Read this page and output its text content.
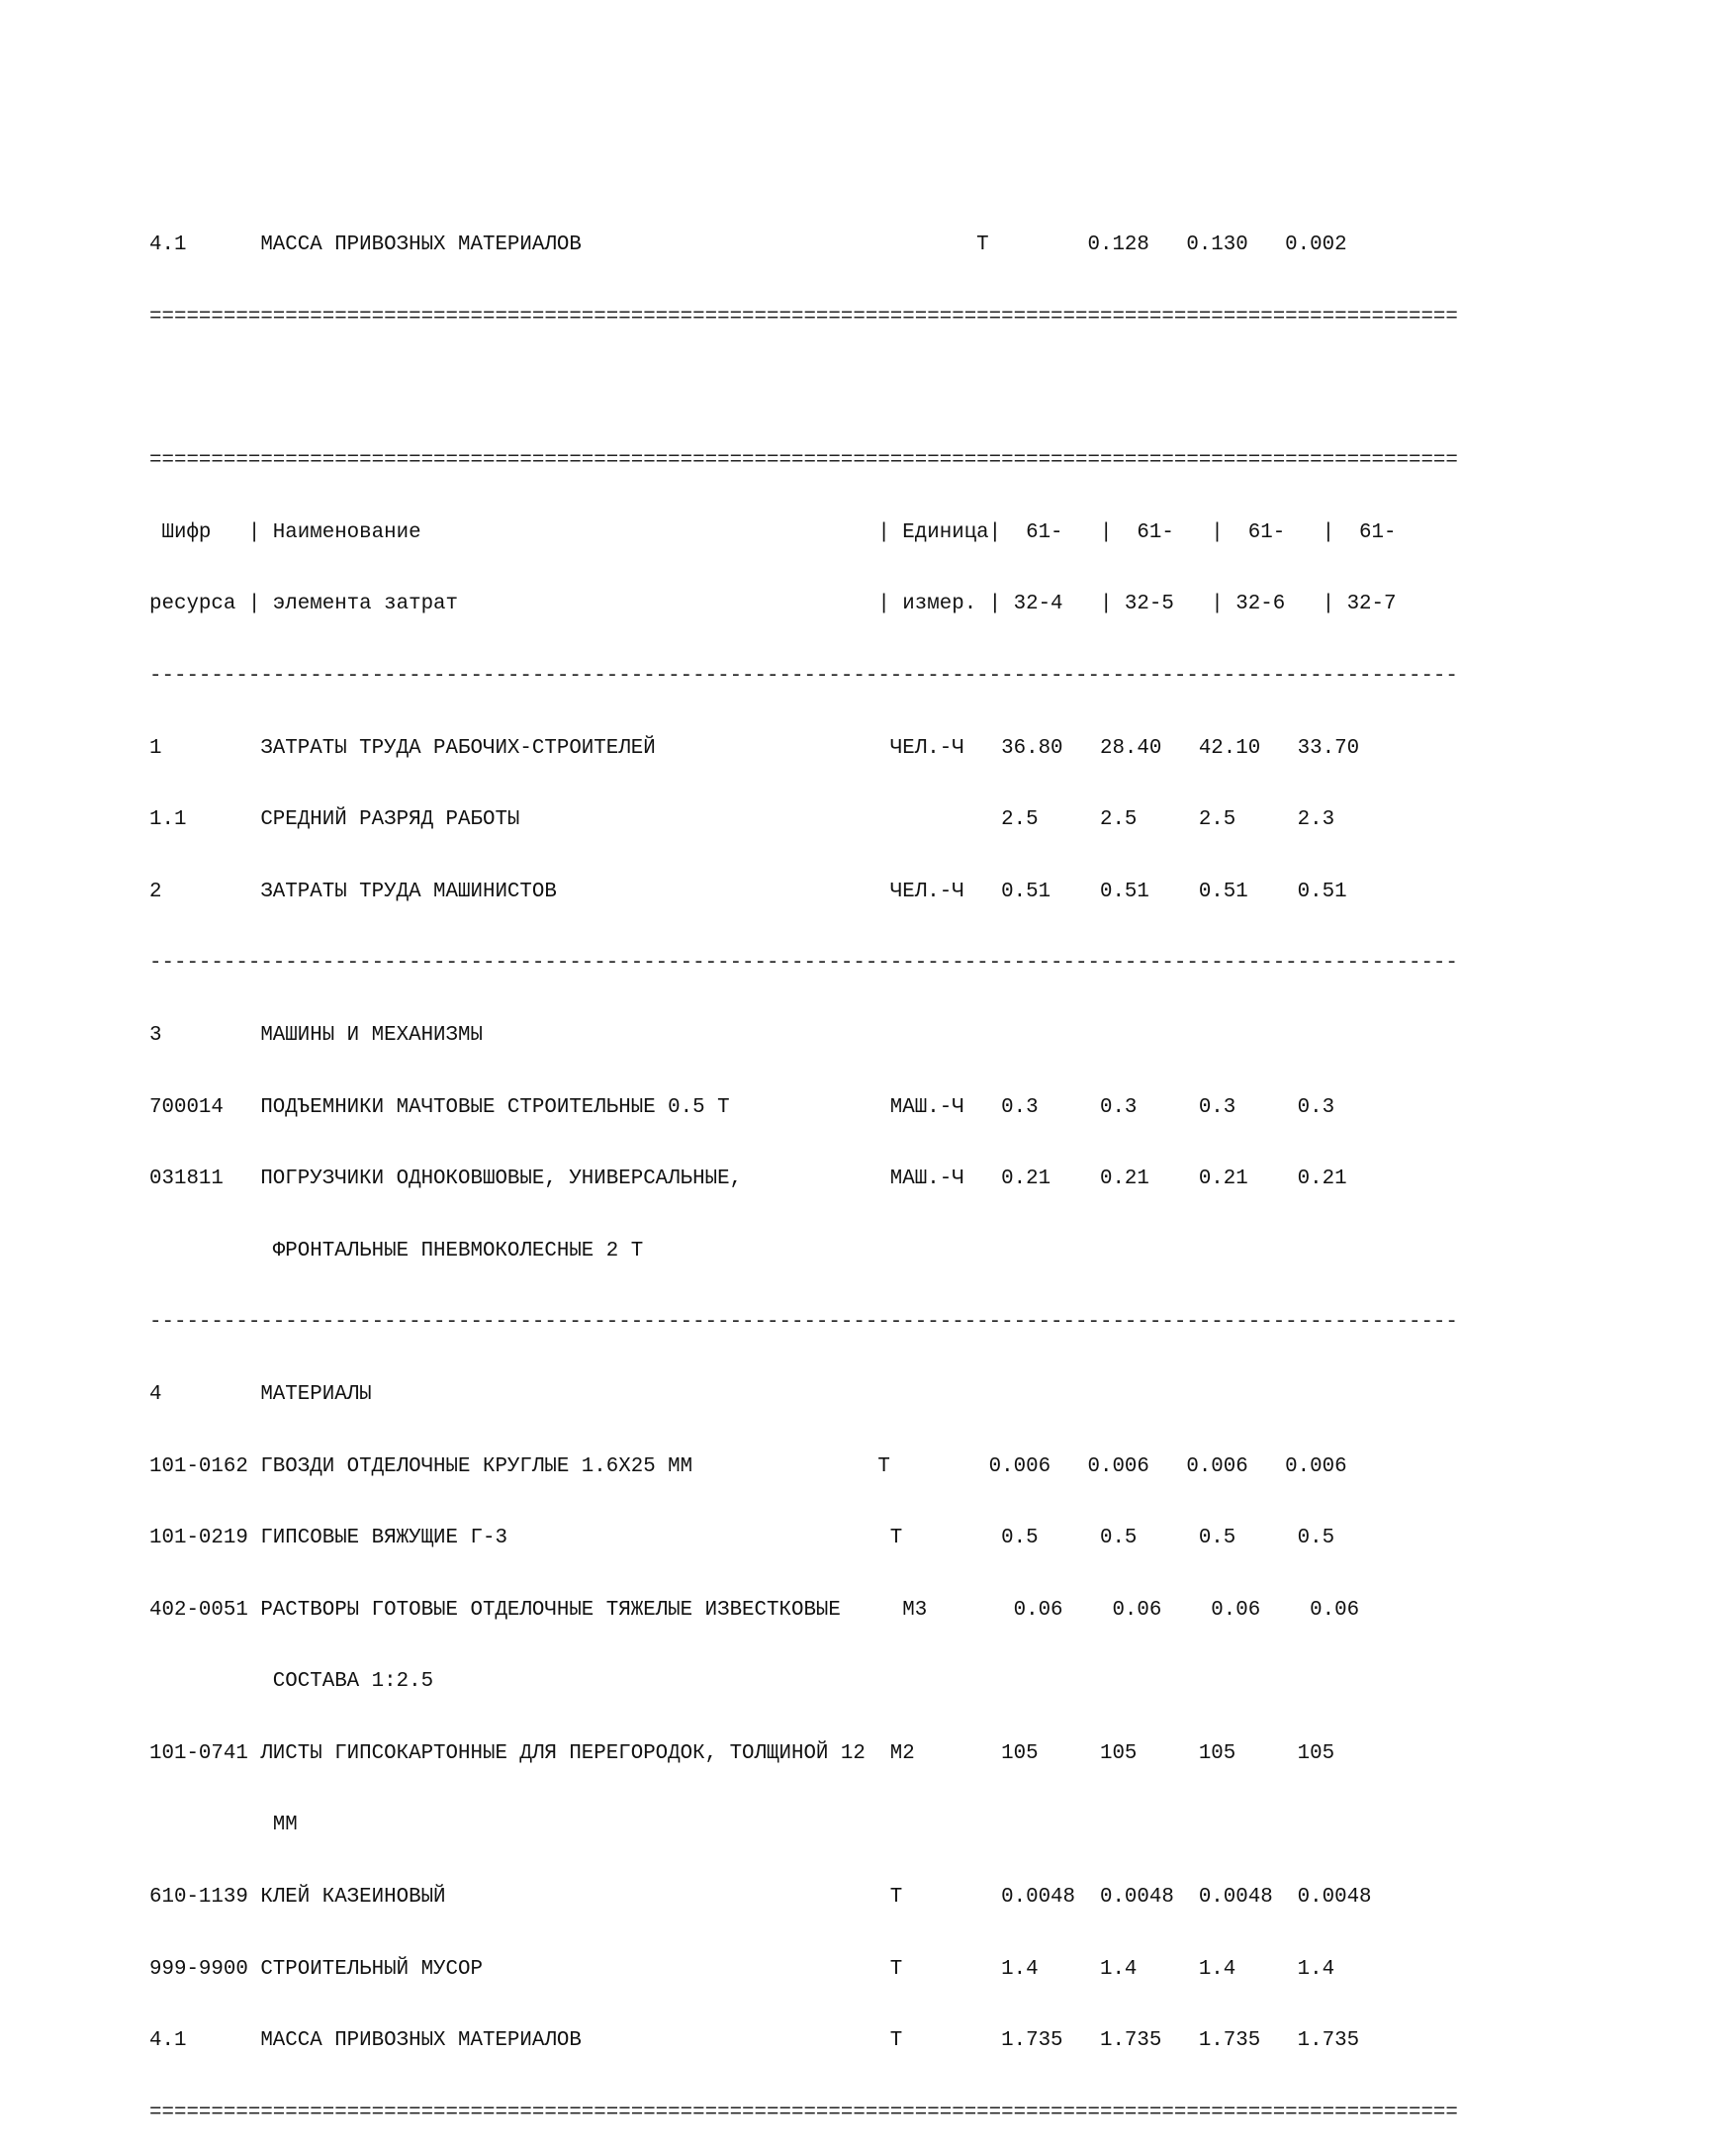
4.1      МАССА ПРИВОЗНЫХ МАТЕРИАЛОВ                                Т        0.128   0.130   0.002

==========================================================================================================

==========================================================================================================

Шифр   | Наименование                                     | Единица|  61-   |  61-   |  61-   |  61-

ресурса | элемента затрат                                  | измер. | 32-4   | 32-5   | 32-6   | 32-7

----------------------------------------------------------------------------------------------------------

1        ЗАТРАТЫ ТРУДА РАБОЧИХ-СТРОИТЕЛЕЙ                   ЧЕЛ.-Ч   36.80   28.40   42.10   33.70

1.1      СРЕДНИЙ РАЗРЯД РАБОТЫ                                       2.5     2.5     2.5     2.3

2        ЗАТРАТЫ ТРУДА МАШИНИСТОВ                           ЧЕЛ.-Ч   0.51    0.51    0.51    0.51

----------------------------------------------------------------------------------------------------------

3        МАШИНЫ И МЕХАНИЗМЫ

700014   ПОДЪЕМНИКИ МАЧТОВЫЕ СТРОИТЕЛЬНЫЕ 0.5 Т             МАШ.-Ч   0.3     0.3     0.3     0.3

031811   ПОГРУЗЧИКИ ОДНОКОВШОВЫЕ, УНИВЕРСАЛЬНЫЕ,            МАШ.-Ч   0.21    0.21    0.21    0.21

ФРОНТАЛЬНЫЕ ПНЕВМОКОЛЕСНЫЕ 2 Т

----------------------------------------------------------------------------------------------------------

4        МАТЕРИАЛЫ

101-0162 ГВОЗДИ ОТДЕЛОЧНЫЕ КРУГЛЫЕ 1.6Х25 ММ               Т        0.006   0.006   0.006   0.006

101-0219 ГИПСОВЫЕ ВЯЖУЩИЕ Г-3                               Т        0.5     0.5     0.5     0.5

402-0051 РАСТВОРЫ ГОТОВЫЕ ОТДЕЛОЧНЫЕ ТЯЖЕЛЫЕ ИЗВЕСТКОВЫЕ     М3       0.06    0.06    0.06    0.06

СОСТАВА 1:2.5

101-0741 ЛИСТЫ ГИПСОКАРТОННЫЕ ДЛЯ ПЕРЕГОРОДОК, ТОЛЩИНОЙ 12  М2       105     105     105     105

ММ

610-1139 КЛЕЙ КАЗЕИНОВЫЙ                                    Т        0.0048  0.0048  0.0048  0.0048

999-9900 СТРОИТЕЛЬНЫЙ МУСОР                                 Т        1.4     1.4     1.4     1.4

4.1      МАССА ПРИВОЗНЫХ МАТЕРИАЛОВ                         Т        1.735   1.735   1.735   1.735

==========================================================================================================
